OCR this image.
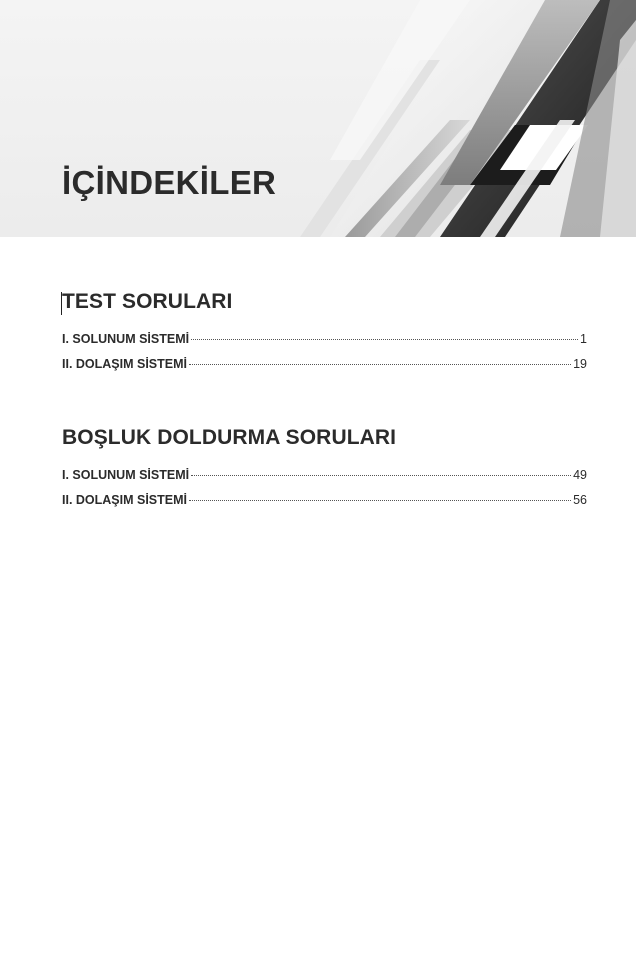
İÇİNDEKİLER
TEST SORULARI
I. SOLUNUM SİSTEMİ	1
II. DOLAŞIM SİSTEMİ	19
BOŞLUK DOLDURMA SORULARI
I. SOLUNUM SİSTEMİ	49
II. DOLAŞIM SİSTEMİ	56
